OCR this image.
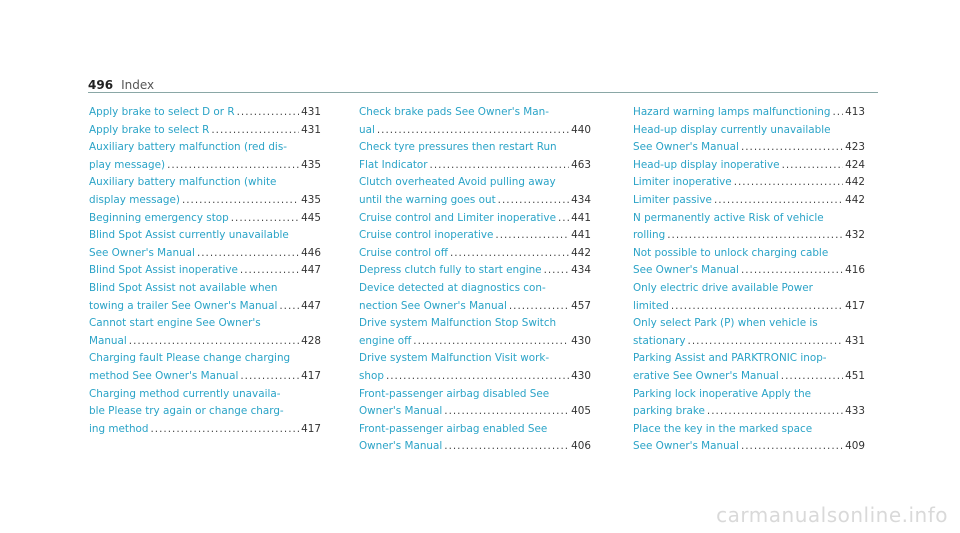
496 Index
Apply brake to select D or R .....	431
Apply brake to select R .....	431
Auxiliary battery malfunction (red dis-
play message) .....	435
Auxiliary battery malfunction (white
display message) .....	435
Beginning emergency stop .....	445
Blind Spot Assist currently unavailable
See Owner's Manual .....	446
Blind Spot Assist inoperative .....	447
Blind Spot Assist not available when
towing a trailer See Owner's Manual ..... 447
Cannot start engine See Owner's
Manual .....	428
Charging fault Please change charging
method See Owner's Manual .....	417
Charging method currently unavaila-
ble Please try again or change charg-
ing method .....	417
Check brake pads See Owner's Man-
ual .....	440
Check tyre pressures then restart Run
Flat Indicator .....	463
Clutch overheated Avoid pulling away
until the warning goes out .....	434
Cruise control and Limiter inoperative ..... 441
Cruise control inoperative .....	441
Cruise control off .....	442
Depress clutch fully to start engine .....	434
Device detected at diagnostics con-
nection See Owner's Manual .....	457
Drive system Malfunction Stop Switch
engine off .....	430
Drive system Malfunction Visit work-
shop .....	430
Front-passenger airbag disabled See
Owner's Manual .....	405
Front-passenger airbag enabled See
Owner's Manual .....	406
Hazard warning lamps malfunctioning ..... 413
Head-up display currently unavailable
See Owner's Manual .....	423
Head-up display inoperative .....	424
Limiter inoperative .....	442
Limiter passive .....	442
N permanently active Risk of vehicle
rolling .....	432
Not possible to unlock charging cable
See Owner's Manual .....	416
Only electric drive available Power
limited .....	417
Only select Park (P) when vehicle is
stationary .....	431
Parking Assist and PARKTRONIC inop-
erative See Owner's Manual .....	451
Parking lock inoperative Apply the
parking brake .....	433
Place the key in the marked space
See Owner's Manual .....	409
carmanualsonline.info
